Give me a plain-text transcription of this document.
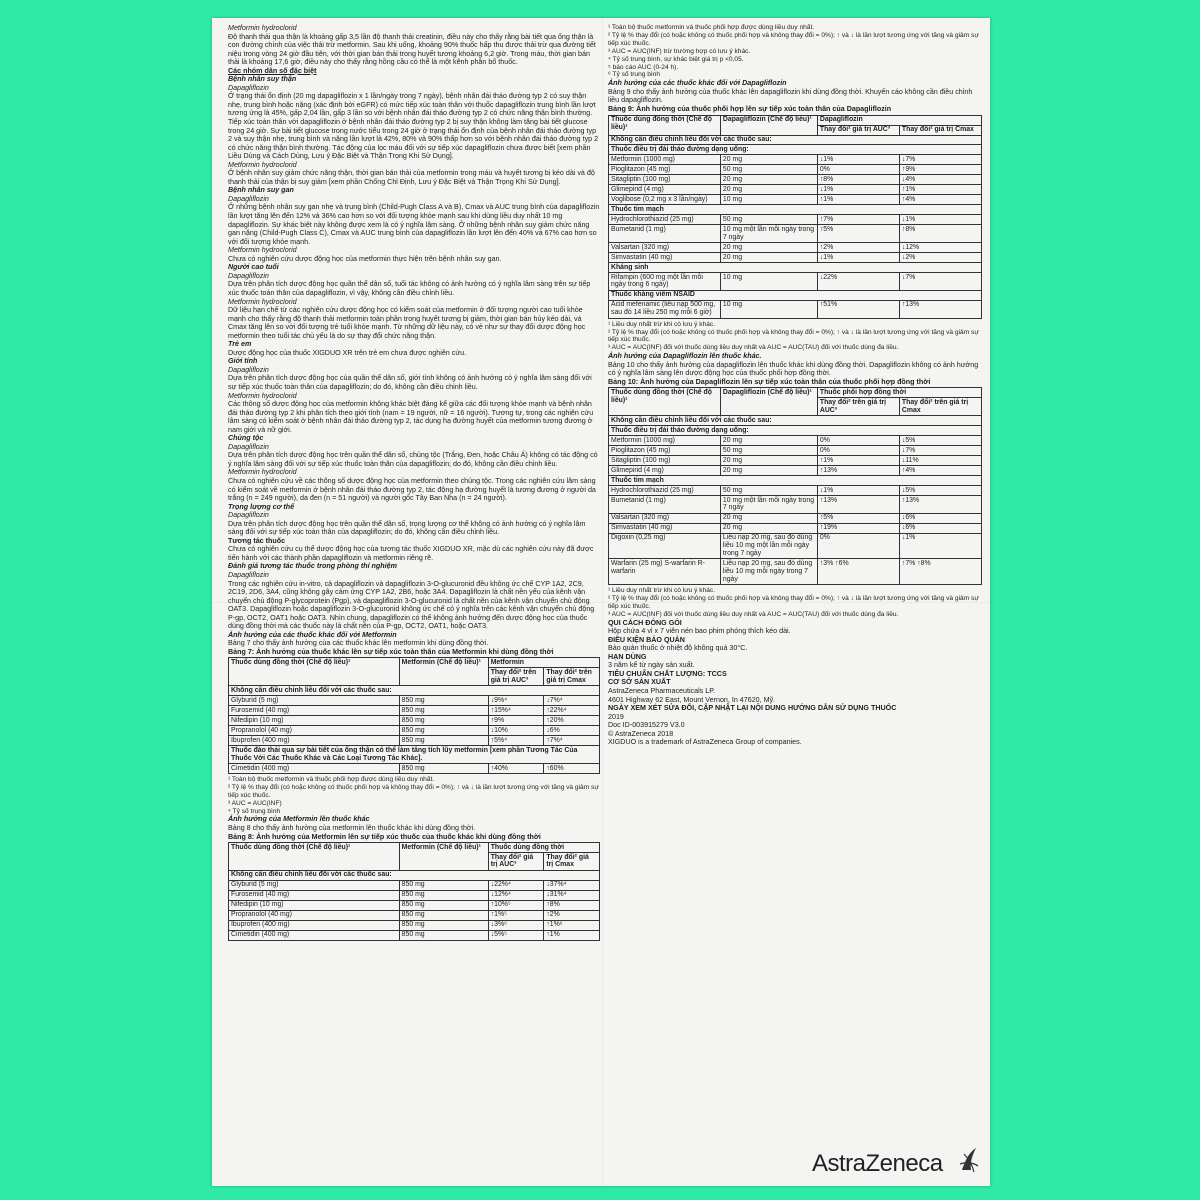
Metformin hydroclorid

Độ thanh thải qua thận là khoảng gấp 3,5 lần độ thanh thải creatinin, điều này cho thấy rằng bài tiết qua ống thận là con đường chính của việc thải trừ metformin. Sau khi uống, khoảng 90% thuốc hấp thu được thải trừ qua đường tiết niệu trong vòng 24 giờ đầu tiên, với thời gian bán thải trong huyết tương khoảng 6,2 giờ. Trong máu, thời gian bán thải là khoảng 17,6 giờ, điều này cho thấy rằng hồng cầu có thể là một kênh phân bố thuốc.

Các nhóm dân số đặc biệt

Bệnh nhân suy thận

Dapagliflozin

Ở trạng thái ổn định (20 mg dapagliflozin x 1 lần/ngày trong 7 ngày), bệnh nhân đái tháo đường typ 2 có suy thận nhẹ, trung bình hoặc nặng (xác định bởi eGFR) có mức tiếp xúc toàn thân với thuốc dapagliflozin trung bình lần lượt tương ứng là 45%, gấp 2,04 lần, gấp 3 lần so với bệnh nhân đái tháo đường typ 2 có chức năng thận bình thường. Tiếp xúc toàn thân với dapagliflozin ở bệnh nhân đái tháo đường typ 2 bị suy thận không làm tăng bài tiết glucose trong 24 giờ. Sự bài tiết glucose trong nước tiểu trong 24 giờ ở trạng thái ổn định của bệnh nhân đái tháo đường typ 2 và suy thận nhẹ, trung bình và nặng lần lượt là 42%, 80% và 90% thấp hơn so với bệnh nhân đái tháo đường typ 2 có chức năng thận bình thường. Tác động của lọc máu đối với sự tiếp xúc dapagliflozin chưa được biết [xem phần Liều Dùng và Cách Dùng, Lưu ý Đặc Biệt và Thận Trọng Khi Sử Dụng].

Metformin hydroclorid

Ở bệnh nhân suy giảm chức năng thận, thời gian bán thải của metformin trong máu và huyết tương bị kéo dài và độ thanh thải của thận bị suy giảm [xem phần Chống Chỉ Định, Lưu ý Đặc Biệt và Thận Trọng Khi Sử Dụng].

Bệnh nhân suy gan

Dapagliflozin

Ở những bệnh nhân suy gan nhẹ và trung bình (Child-Pugh Class A và B), Cmax và AUC trung bình của dapagliflozin lần lượt tăng lên đến 12% và 36% cao hơn so với đối tượng khỏe mạnh sau khi dùng liều duy nhất 10 mg dapagliflozin. Sự khác biệt này không được xem là có ý nghĩa lâm sàng. Ở những bệnh nhân suy giảm chức năng gan nặng (Child-Pugh Class C), Cmax và AUC trung bình của dapagliflozin lần lượt lên đến 40% và 67% cao hơn so với đối tượng khỏe mạnh.

Metformin hydroclorid

Chưa có nghiên cứu dược động học của metformin thực hiện trên bệnh nhân suy gan.

Người cao tuổi

Dapagliflozin

Dựa trên phân tích dược động học quần thể dân số, tuổi tác không có ảnh hưởng có ý nghĩa lâm sàng trên sự tiếp xúc thuốc toàn thân của dapagliflozin, vì vậy, không cần điều chỉnh liều.

Metformin hydroclorid

Dữ liệu hạn chế từ các nghiên cứu dược động học có kiểm soát của metformin ở đối tượng người cao tuổi khỏe mạnh cho thấy rằng độ thanh thải metformin toàn phần trong huyết tương bị giảm, thời gian bán hủy kéo dài, và Cmax tăng lên so với đối tượng trẻ tuổi khỏe mạnh. Từ những dữ liệu này, có vẻ như sự thay đổi dược động học metformin theo tuổi tác chủ yếu là do sự thay đổi chức năng thận.

Trẻ em

Dược động học của thuốc XIGDUO XR trên trẻ em chưa được nghiên cứu.

Giới tính

Dapagliflozin

Dựa trên phân tích dược động học của quần thể dân số, giới tính không có ảnh hưởng có ý nghĩa lâm sàng đối với sự tiếp xúc thuốc toàn thân của dapagliflozin; do đó, không cần điều chỉnh liều.

Metformin hydroclorid

Các thông số dược động học của metformin không khác biệt đáng kể giữa các đối tượng khỏe mạnh và bệnh nhân đái tháo đường typ 2 khi phân tích theo giới tính (nam = 19 người, nữ = 16 người). Tương tự, trong các nghiên cứu lâm sàng có kiểm soát ở bệnh nhân đái tháo đường typ 2, tác dụng hạ đường huyết của metformin tương đương ở nam giới và nữ giới.

Chủng tộc

Dapagliflozin

Dựa trên phân tích dược động học trên quần thể dân số, chủng tộc (Trắng, Đen, hoặc Châu Á) không có tác động có ý nghĩa lâm sàng đối với sự tiếp xúc thuốc toàn thân của dapagliflozin; do đó, không cần điều chỉnh liều.

Metformin hydroclorid

Chưa có nghiên cứu về các thông số dược động học của metformin theo chủng tộc. Trong các nghiên cứu lâm sàng có kiểm soát về metformin ở bệnh nhân đái tháo đường typ 2, tác động hạ đường huyết là tương đương ở người da trắng (n = 249 người), da đen (n = 51 người) và người gốc Tây Ban Nha (n = 24 người).

Trọng lượng cơ thể

Dapagliflozin

Dựa trên phân tích dược động học trên quần thể dân số, trọng lượng cơ thể không có ảnh hưởng có ý nghĩa lâm sàng đối với sự tiếp xúc toàn thân của dapagliflozin; do đó, không cần điều chỉnh liều.

Tương tác thuốc

Chưa có nghiên cứu cụ thể dược động học của tương tác thuốc XIGDUO XR, mặc dù các nghiên cứu này đã được tiến hành với các thành phần dapagliflozin và metformin riêng rẽ.

Đánh giá tương tác thuốc trong phòng thí nghiệm

Dapagliflozin

Trong các nghiên cứu in-vitro, cả dapagliflozin và dapagliflozin 3-O-glucuronid đều không ức chế CYP 1A2, 2C9, 2C19, 2D6, 3A4, cũng không gây cảm ứng CYP 1A2, 2B6, hoặc 3A4. Dapagliflozin là chất nền yếu của kênh vận chuyển chủ động P-glycoprotein (Pgp), và dapagliflozin 3-O-glucuronid là chất nền của kênh vận chuyển chủ động OAT3. Dapagliflozin hoặc dapagliflozin 3-O-glucuronid không ức chế có ý nghĩa trên các kênh vận chuyển chủ động P-gp, OCT2, OAT1 hoặc OAT3. Nhìn chung, dapagliflozin có thể không ảnh hưởng đến dược động học của thuốc dùng đồng thời mà các thuốc này là chất nền của P-gp, OCT2, OAT1, hoặc OAT3.

Ảnh hưởng của các thuốc khác đối với Metformin

Bảng 7 cho thấy ảnh hưởng của các thuốc khác lên metformin khi dùng đồng thời.

Bảng 7: Ảnh hưởng của thuốc khác lên sự tiếp xúc toàn thân của Metformin khi dùng đồng thời

Thuốc dùng đồng thời (Chế độ liều)¹	Metformin (Chế độ liều)¹	Metformin	
		Thay đổi² trên giá trị AUC³	Thay đổi² trên giá trị Cmax
Không cần điều chỉnh liều đối với các thuốc sau:			
Glyburid (5 mg)	850 mg	↓9%⁴	↓7%⁴
Furosemid (40 mg)	850 mg	↑15%⁴	↑22%⁴
Nifedipin (10 mg)	850 mg	↑9%	↑20%
Propranolol (40 mg)	850 mg	↓10%	↓6%
Ibuprofen (400 mg)	850 mg	↑5%⁴	↑7%⁴
Thuốc đào thải qua sự bài tiết của ống thận có thể làm tăng tích lũy metformin [xem phần Tương Tác Của Thuốc Với Các Thuốc Khác và Các Loại Tương Tác Khác].			
Cimetidin (400 mg)	850 mg	↑40%	↑60%

¹ Toàn bộ thuốc metformin và thuốc phối hợp được dùng liều duy nhất.

² Tỷ lệ % thay đổi (có hoặc không có thuốc phối hợp và không thay đổi = 0%); ↑ và ↓ là lần lượt tương ứng với tăng và giảm sự tiếp xúc thuốc.

³ AUC = AUC(INF)

⁴ Tỷ số trung bình

Ảnh hưởng của Metformin lên thuốc khác

Bảng 8 cho thấy ảnh hưởng của metformin lên thuốc khác khi dùng đồng thời.

Bảng 8: Ảnh hưởng của Metformin lên sự tiếp xúc thuốc của thuốc khác khi dùng đồng thời

Thuốc dùng đồng thời (Chế độ liều)¹	Metformin (Chế độ liều)¹	Thuốc dùng đồng thời	
		Thay đổi² giá trị AUC³	Thay đổi² giá trị Cmax
Không cần điều chỉnh liều đối với các thuốc sau:			
Glyburid (5 mg)	850 mg	↓22%⁴	↓37%⁴
Furosemid (40 mg)	850 mg	↓12%⁴	↓31%⁴
Nifedipin (10 mg)	850 mg	↑10%⁵	↑8%
Propranolol (40 mg)	850 mg	↑1%⁵	↑2%
Ibuprofen (400 mg)	850 mg	↓3%⁶	↑1%⁶
Cimetidin (400 mg)	850 mg	↓5%⁵	↑1%

¹ Toàn bộ thuốc metformin và thuốc phối hợp được dùng liều duy nhất.

² Tỷ lệ % thay đổi (có hoặc không có thuốc phối hợp và không thay đổi = 0%); ↑ và ↓ là lần lượt tương ứng với tăng và giảm sự tiếp xúc thuốc.

³ AUC = AUC(INF) trừ trường hợp có lưu ý khác.

⁴ Tỷ số trung bình, sự khác biệt giá trị p <0,05.

⁵ báo cáo AUC (0-24 h).

⁶ Tỷ số trung bình

Ảnh hưởng của các thuốc khác đối với Dapagliflozin

Bảng 9 cho thấy ảnh hưởng của thuốc khác lên dapagliflozin khi dùng đồng thời. Khuyến cáo không cần điều chỉnh liều dapagliflozin.

Bảng 9: Ảnh hưởng của thuốc phối hợp lên sự tiếp xúc toàn thân của Dapagliflozin

Thuốc dùng đồng thời (Chế độ liều)¹	Dapagliflozin (Chế độ liều)¹	Dapagliflozin	
		Thay đổi² giá trị AUC³	Thay đổi² giá trị Cmax
Không cần điều chỉnh liều đối với các thuốc sau:			
Thuốc điều trị đái tháo đường dạng uống:			
Metformin (1000 mg)	20 mg	↓1%	↓7%
Pioglitazon (45 mg)	50 mg	0%	↑9%
Sitagliptin (100 mg)	20 mg	↑8%	↓4%
Glimepirid (4 mg)	20 mg	↓1%	↑1%
Voglibose (0,2 mg x 3 lần/ngày)	10 mg	↑1%	↑4%
Thuốc tim mạch			
Hydrochlorothiazid (25 mg)	50 mg	↑7%	↓1%
Bumetanid (1 mg)	10 mg một lần mỗi ngày trong 7 ngày	↑5%	↑8%
Valsartan (320 mg)	20 mg	↑2%	↓12%
Simvastatin (40 mg)	20 mg	↓1%	↓2%
Kháng sinh			
Rifampin (600 mg một lần mỗi ngày trong 6 ngày)	10 mg	↓22%	↓7%
Thuốc kháng viêm NSAID			
Acid mefenamic (liều nạp 500 mg, sau đó 14 liều 250 mg mỗi 6 giờ)	10 mg	↑51%	↑13%

¹ Liều duy nhất trừ khi có lưu ý khác.

² Tỷ lệ % thay đổi (có hoặc không có thuốc phối hợp và không thay đổi = 0%); ↑ và ↓ là lần lượt tương ứng với tăng và giảm sự tiếp xúc thuốc.

³ AUC = AUC(INF) đối với thuốc dùng liều duy nhất và AUC = AUC(TAU) đối với thuốc dùng đa liều.

Ảnh hưởng của Dapagliflozin lên thuốc khác.

Bảng 10 cho thấy ảnh hưởng của dapagliflozin lên thuốc khác khi dùng đồng thời. Dapagliflozin không có ảnh hưởng có ý nghĩa lâm sàng lên dược động học của thuốc phối hợp đồng thời.

Bảng 10: Ảnh hưởng của Dapagliflozin lên sự tiếp xúc toàn thân của thuốc phối hợp đồng thời

Thuốc dùng đồng thời (Chế độ liều)¹	Dapagliflozin (Chế độ liều)¹	Thuốc phối hợp đồng thời	
		Thay đổi² trên giá trị AUC³	Thay đổi² trên giá trị Cmax
Không cần điều chỉnh liều đối với các thuốc sau:			
Thuốc điều trị đái tháo đường dạng uống:			
Metformin (1000 mg)	20 mg	0%	↓5%
Pioglitazon (45 mg)	50 mg	0%	↓7%
Sitagliptin (100 mg)	20 mg	↑1%	↓11%
Glimepirid (4 mg)	20 mg	↑13%	↑4%
Thuốc tim mạch			
Hydrochlorothiazid (25 mg)	50 mg	↓1%	↓5%
Bumetanid (1 mg)	10 mg một lần mỗi ngày trong 7 ngày	↑13%	↑13%
Valsartan (320 mg)	20 mg	↑5%	↓6%
Simvastatin (40 mg)	20 mg	↑19%	↓6%
Digoxin (0,25 mg)	Liều nạp 20 mg, sau đó dùng liều 10 mg một lần mỗi ngày trong 7 ngày	0%	↓1%
Warfarin (25 mg) S-warfarin R-warfarin	Liều nạp 20 mg, sau đó dùng liều 10 mg mỗi ngày trong 7 ngày	↑3% ↑6%	↑7% ↑8%

¹ Liều duy nhất trừ khi có lưu ý khác.

² Tỷ lệ % thay đổi (có hoặc không có thuốc phối hợp và không thay đổi = 0%); ↑ và ↓ là lần lượt tương ứng với tăng và giảm sự tiếp xúc thuốc.

³ AUC = AUC(INF) đối với thuốc dùng liều duy nhất và AUC = AUC(TAU) đối với thuốc dùng đa liều.

QUI CÁCH ĐÓNG GÓI

Hộp chứa 4 vỉ x 7 viên nén bao phim phóng thích kéo dài.

ĐIỀU KIỆN BẢO QUẢN

Bảo quản thuốc ở nhiệt độ không quá 30°C.

HẠN DÙNG

3 năm kể từ ngày sản xuất.

TIÊU CHUẨN CHẤT LƯỢNG: TCCS

CƠ SỞ SẢN XUẤT

AstraZeneca Pharmaceuticals LP.

4601 Highway 62 East, Mount Vernon, In 47620, Mỹ.

NGÀY XEM XÉT SỬA ĐỔI, CẬP NHẬT LẠI NỘI DUNG HƯỚNG DẪN SỬ DỤNG THUỐC

2019

Doc ID-003915279 V3.0

© AstraZeneca 2018

XIGDUO is a trademark of AstraZeneca Group of companies.

AstraZeneca
